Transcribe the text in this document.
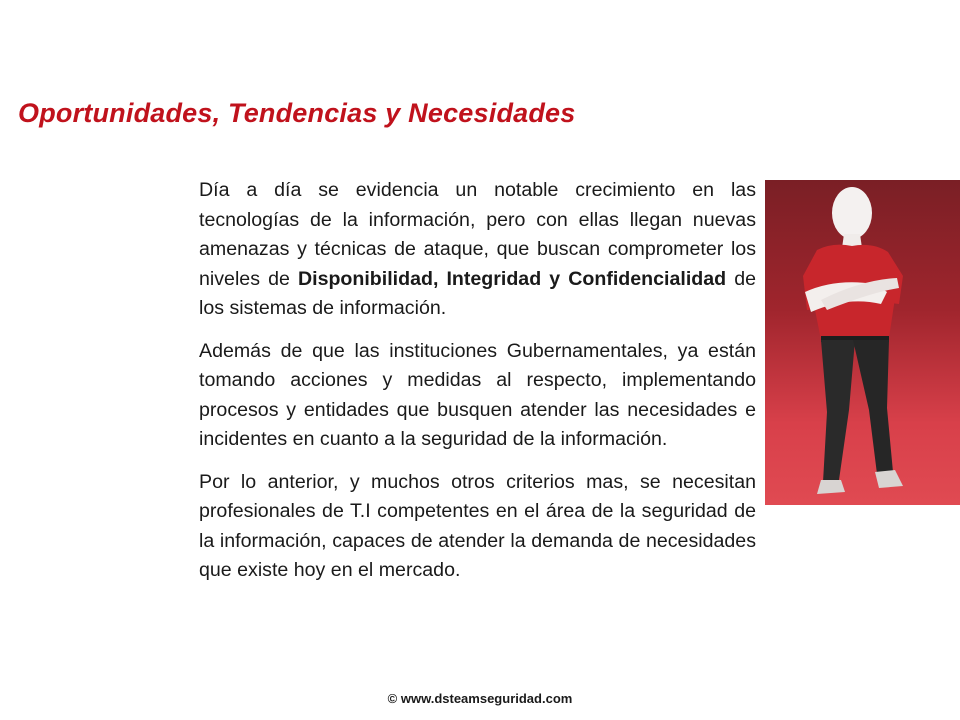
Oportunidades, Tendencias y Necesidades

Día a día se evidencia un notable crecimiento en las tecnologías de la información, pero con ellas llegan nuevas amenazas y técnicas de ataque, que buscan comprometer los niveles de Disponibilidad, Integridad y Confidencialidad de los sistemas de información.

Además de que las instituciones Gubernamentales, ya están tomando acciones y medidas al respecto, implementando procesos y entidades que busquen atender las necesidades e incidentes en cuanto a la seguridad de la información.

Por lo anterior, y muchos otros criterios mas, se necesitan profesionales de T.I competentes en el área de la seguridad de la información, capaces de atender la demanda de necesidades que existe hoy en el mercado.

© www.dsteamseguridad.com
